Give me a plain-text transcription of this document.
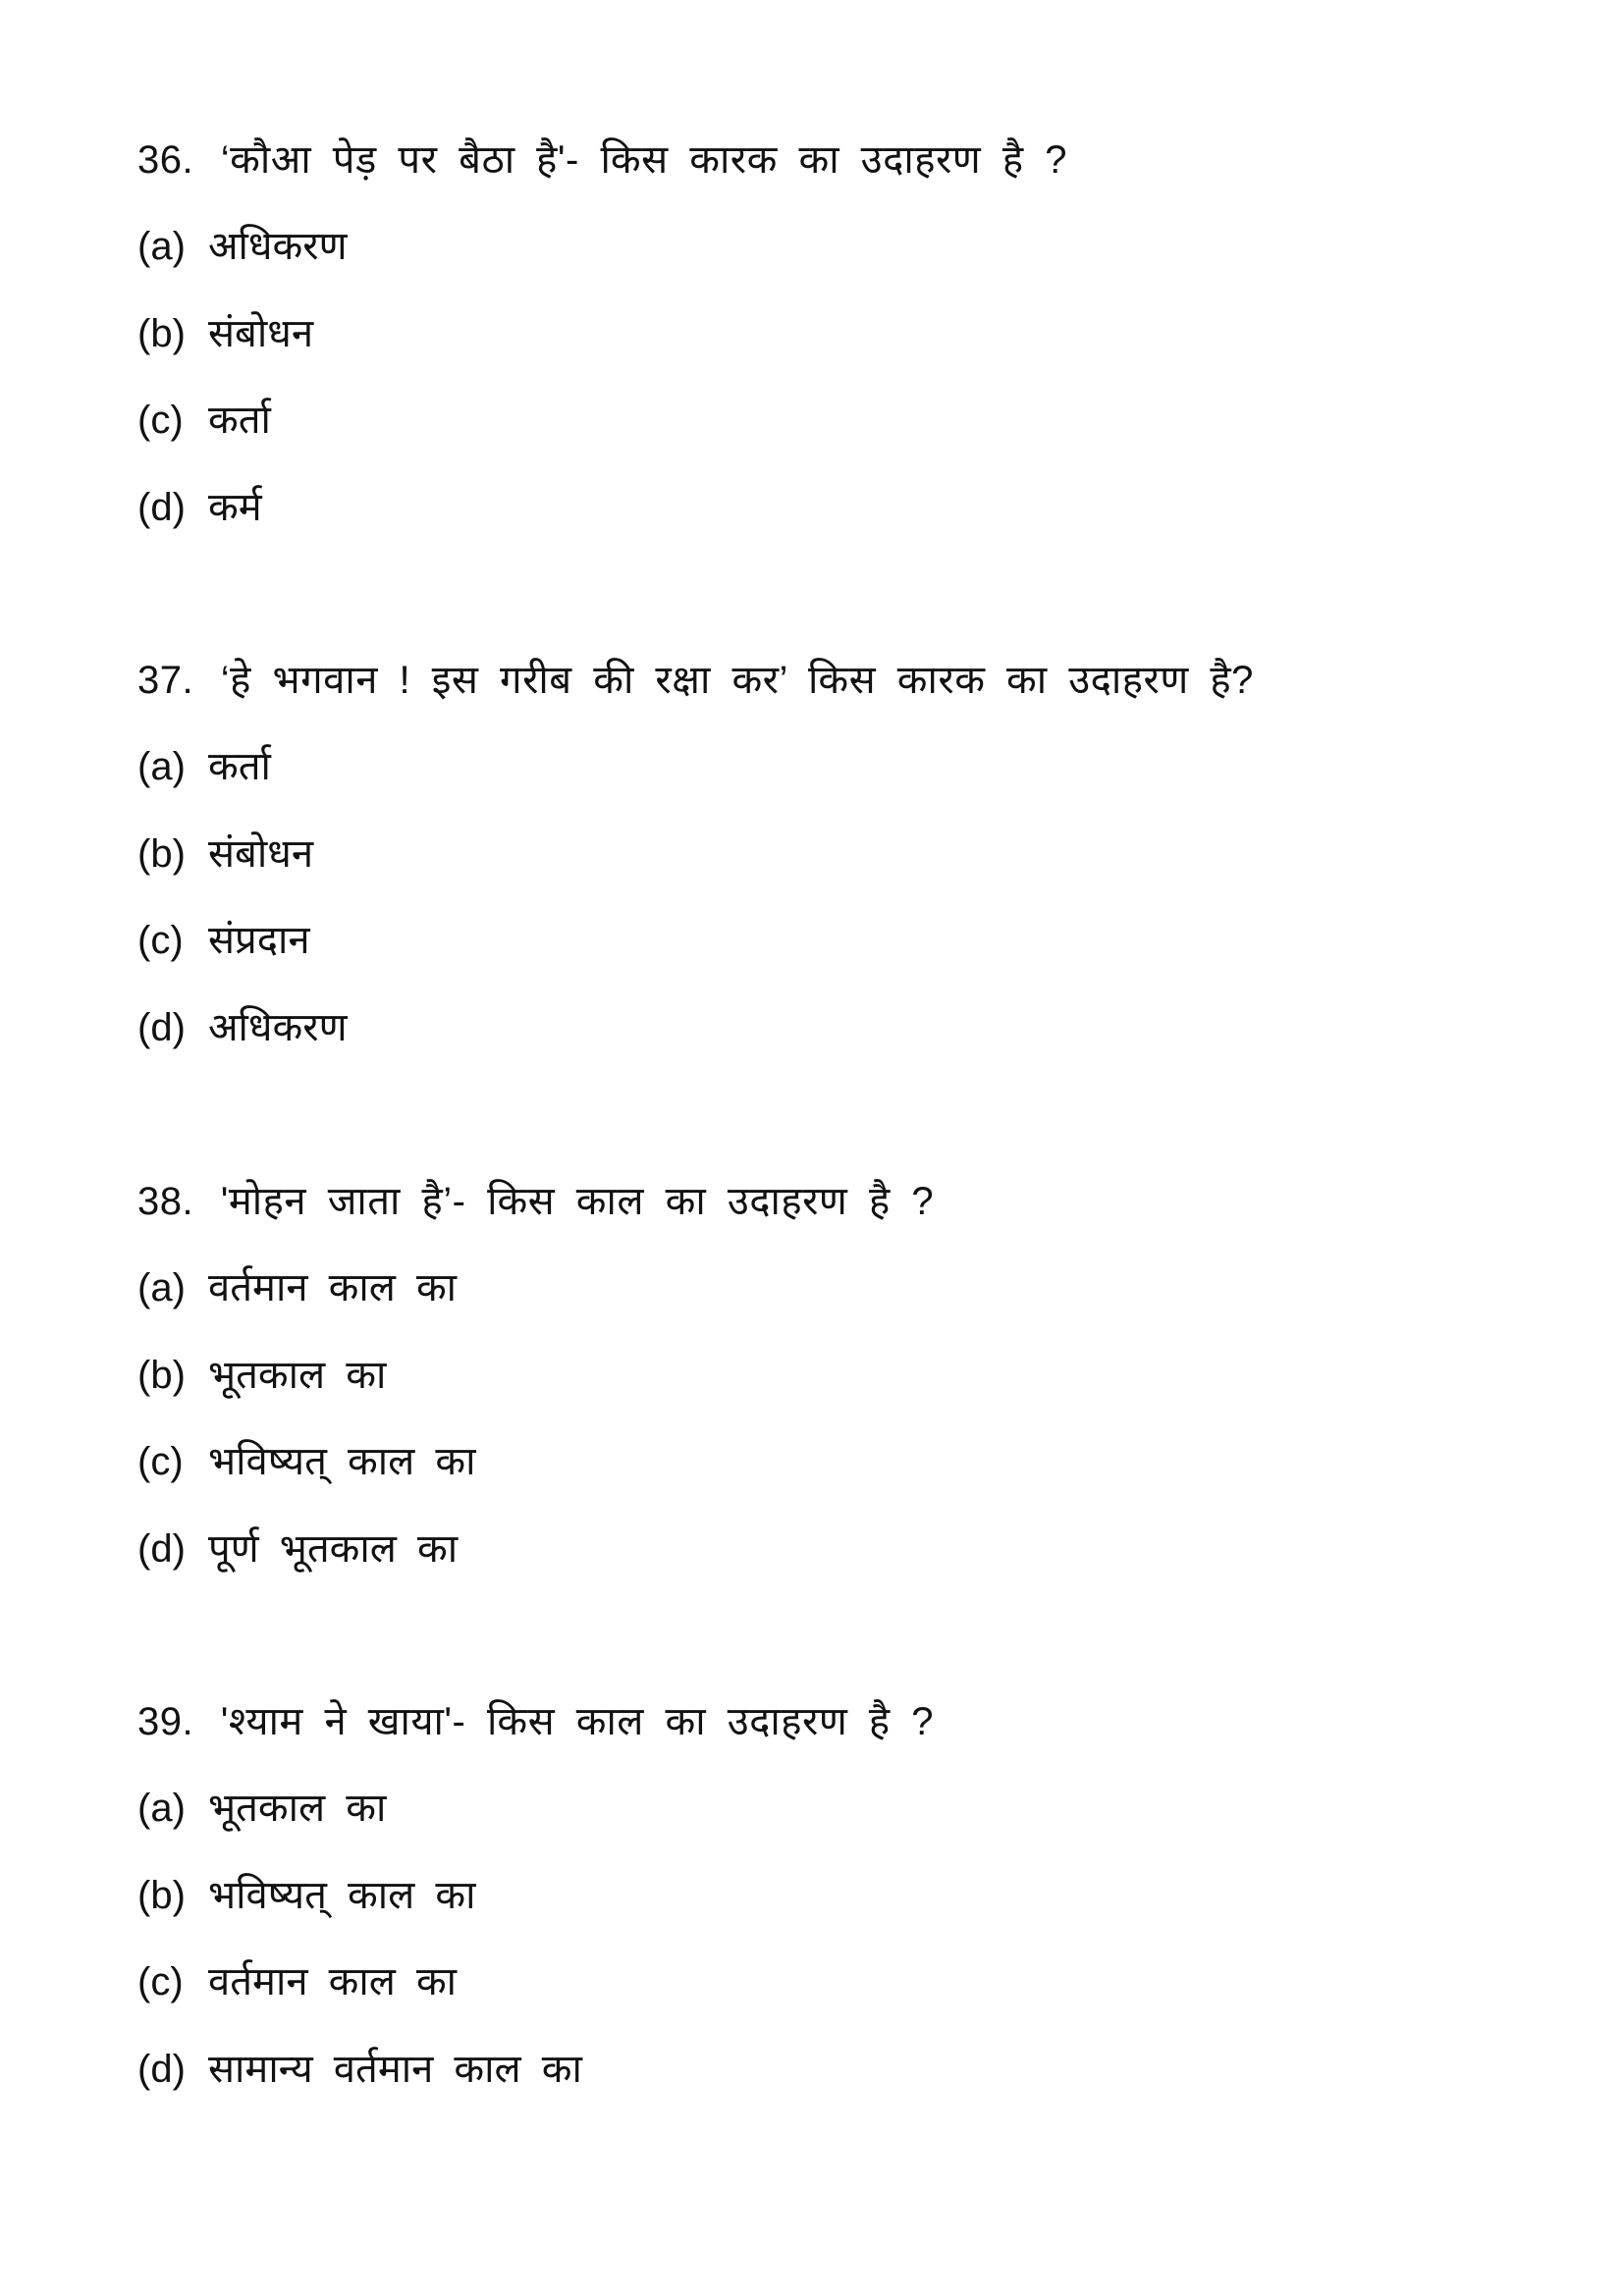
36. ‘कौआ पेड़ पर बैठा है'- किस कारक का उदाहरण है ?
(a) अधिकरण
(b) संबोधन
(c) कर्ता
(d) कर्म
37. ‘हे भगवान ! इस गरीब की रक्षा कर’ किस कारक का उदाहरण है?
(a) कर्ता
(b) संबोधन
(c) संप्रदान
(d) अधिकरण
38. 'मोहन जाता है’- किस काल का उदाहरण है ?
(a) वर्तमान काल का
(b) भूतकाल का
(c) भविष्यत् काल का
(d) पूर्ण भूतकाल का
39. 'श्याम ने खाया'- किस काल का उदाहरण है ?
(a) भूतकाल का
(b) भविष्यत् काल का
(c) वर्तमान काल का
(d) सामान्य वर्तमान काल का
